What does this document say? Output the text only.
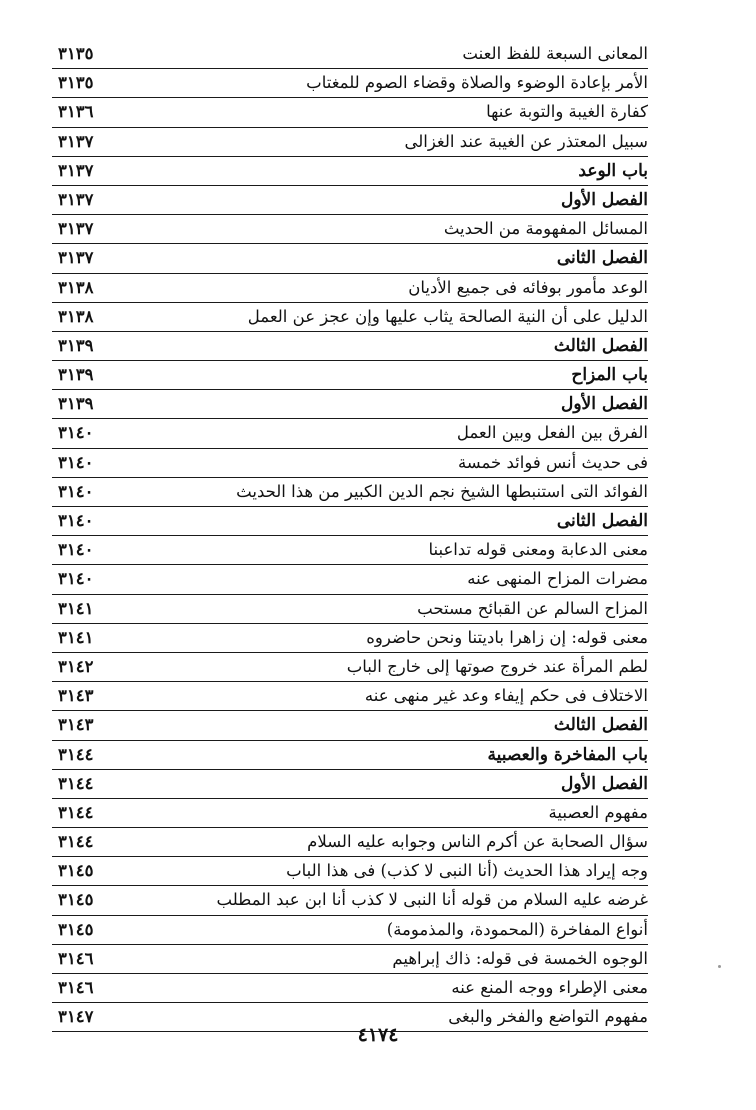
المعانى السبعة للفظ العنت
٣١٣٥
الأمر بإعادة الوضوء والصلاة وقضاء الصوم للمغتاب
٣١٣٥
كفارة الغيبة والتوبة عنها
٣١٣٦
سبيل المعتذر عن الغيبة عند الغزالى
٣١٣٧
باب الوعد
٣١٣٧
الفصل الأول
٣١٣٧
المسائل المفهومة من الحديث
٣١٣٧
الفصل الثانى
٣١٣٧
الوعد مأمور بوفائه فى جميع الأديان
٣١٣٨
الدليل على أن النية الصالحة يثاب عليها وإن عجز عن العمل
٣١٣٨
الفصل الثالث
٣١٣٩
باب المزاح
٣١٣٩
الفصل الأول
٣١٣٩
الفرق بين الفعل وبين العمل
٣١٤٠
فى حديث أنس فوائد خمسة
٣١٤٠
الفوائد التى استنبطها الشيخ نجم الدين الكبير من هذا الحديث
٣١٤٠
الفصل الثانى
٣١٤٠
معنى الدعابة ومعنى قوله تداعبنا
٣١٤٠
مضرات المزاح المنهى عنه
٣١٤٠
المزاح السالم عن القبائح مستحب
٣١٤١
معنى قوله: إن زاهرا باديتنا ونحن حاضروه
٣١٤١
لطم المرأة عند خروج صوتها إلى خارج الباب
٣١٤٢
الاختلاف فى حكم إيفاء وعد غير منهى عنه
٣١٤٣
الفصل الثالث
٣١٤٣
باب المفاخرة والعصبية
٣١٤٤
الفصل الأول
٣١٤٤
مفهوم العصبية
٣١٤٤
سؤال الصحابة عن أكرم الناس وجوابه عليه السلام
٣١٤٤
وجه إيراد هذا الحديث (أنا النبى لا كذب) فى هذا الباب
٣١٤٥
غرضه عليه السلام من قوله أنا النبى لا كذب أنا ابن عبد المطلب
٣١٤٥
أنواع المفاخرة (المحمودة، والمذمومة)
٣١٤٥
الوجوه الخمسة فى قوله: ذاك إبراهيم
٣١٤٦
معنى الإطراء ووجه المنع عنه
٣١٤٦
مفهوم التواضع والفخر والبغى
٣١٤٧
٤١٧٤
